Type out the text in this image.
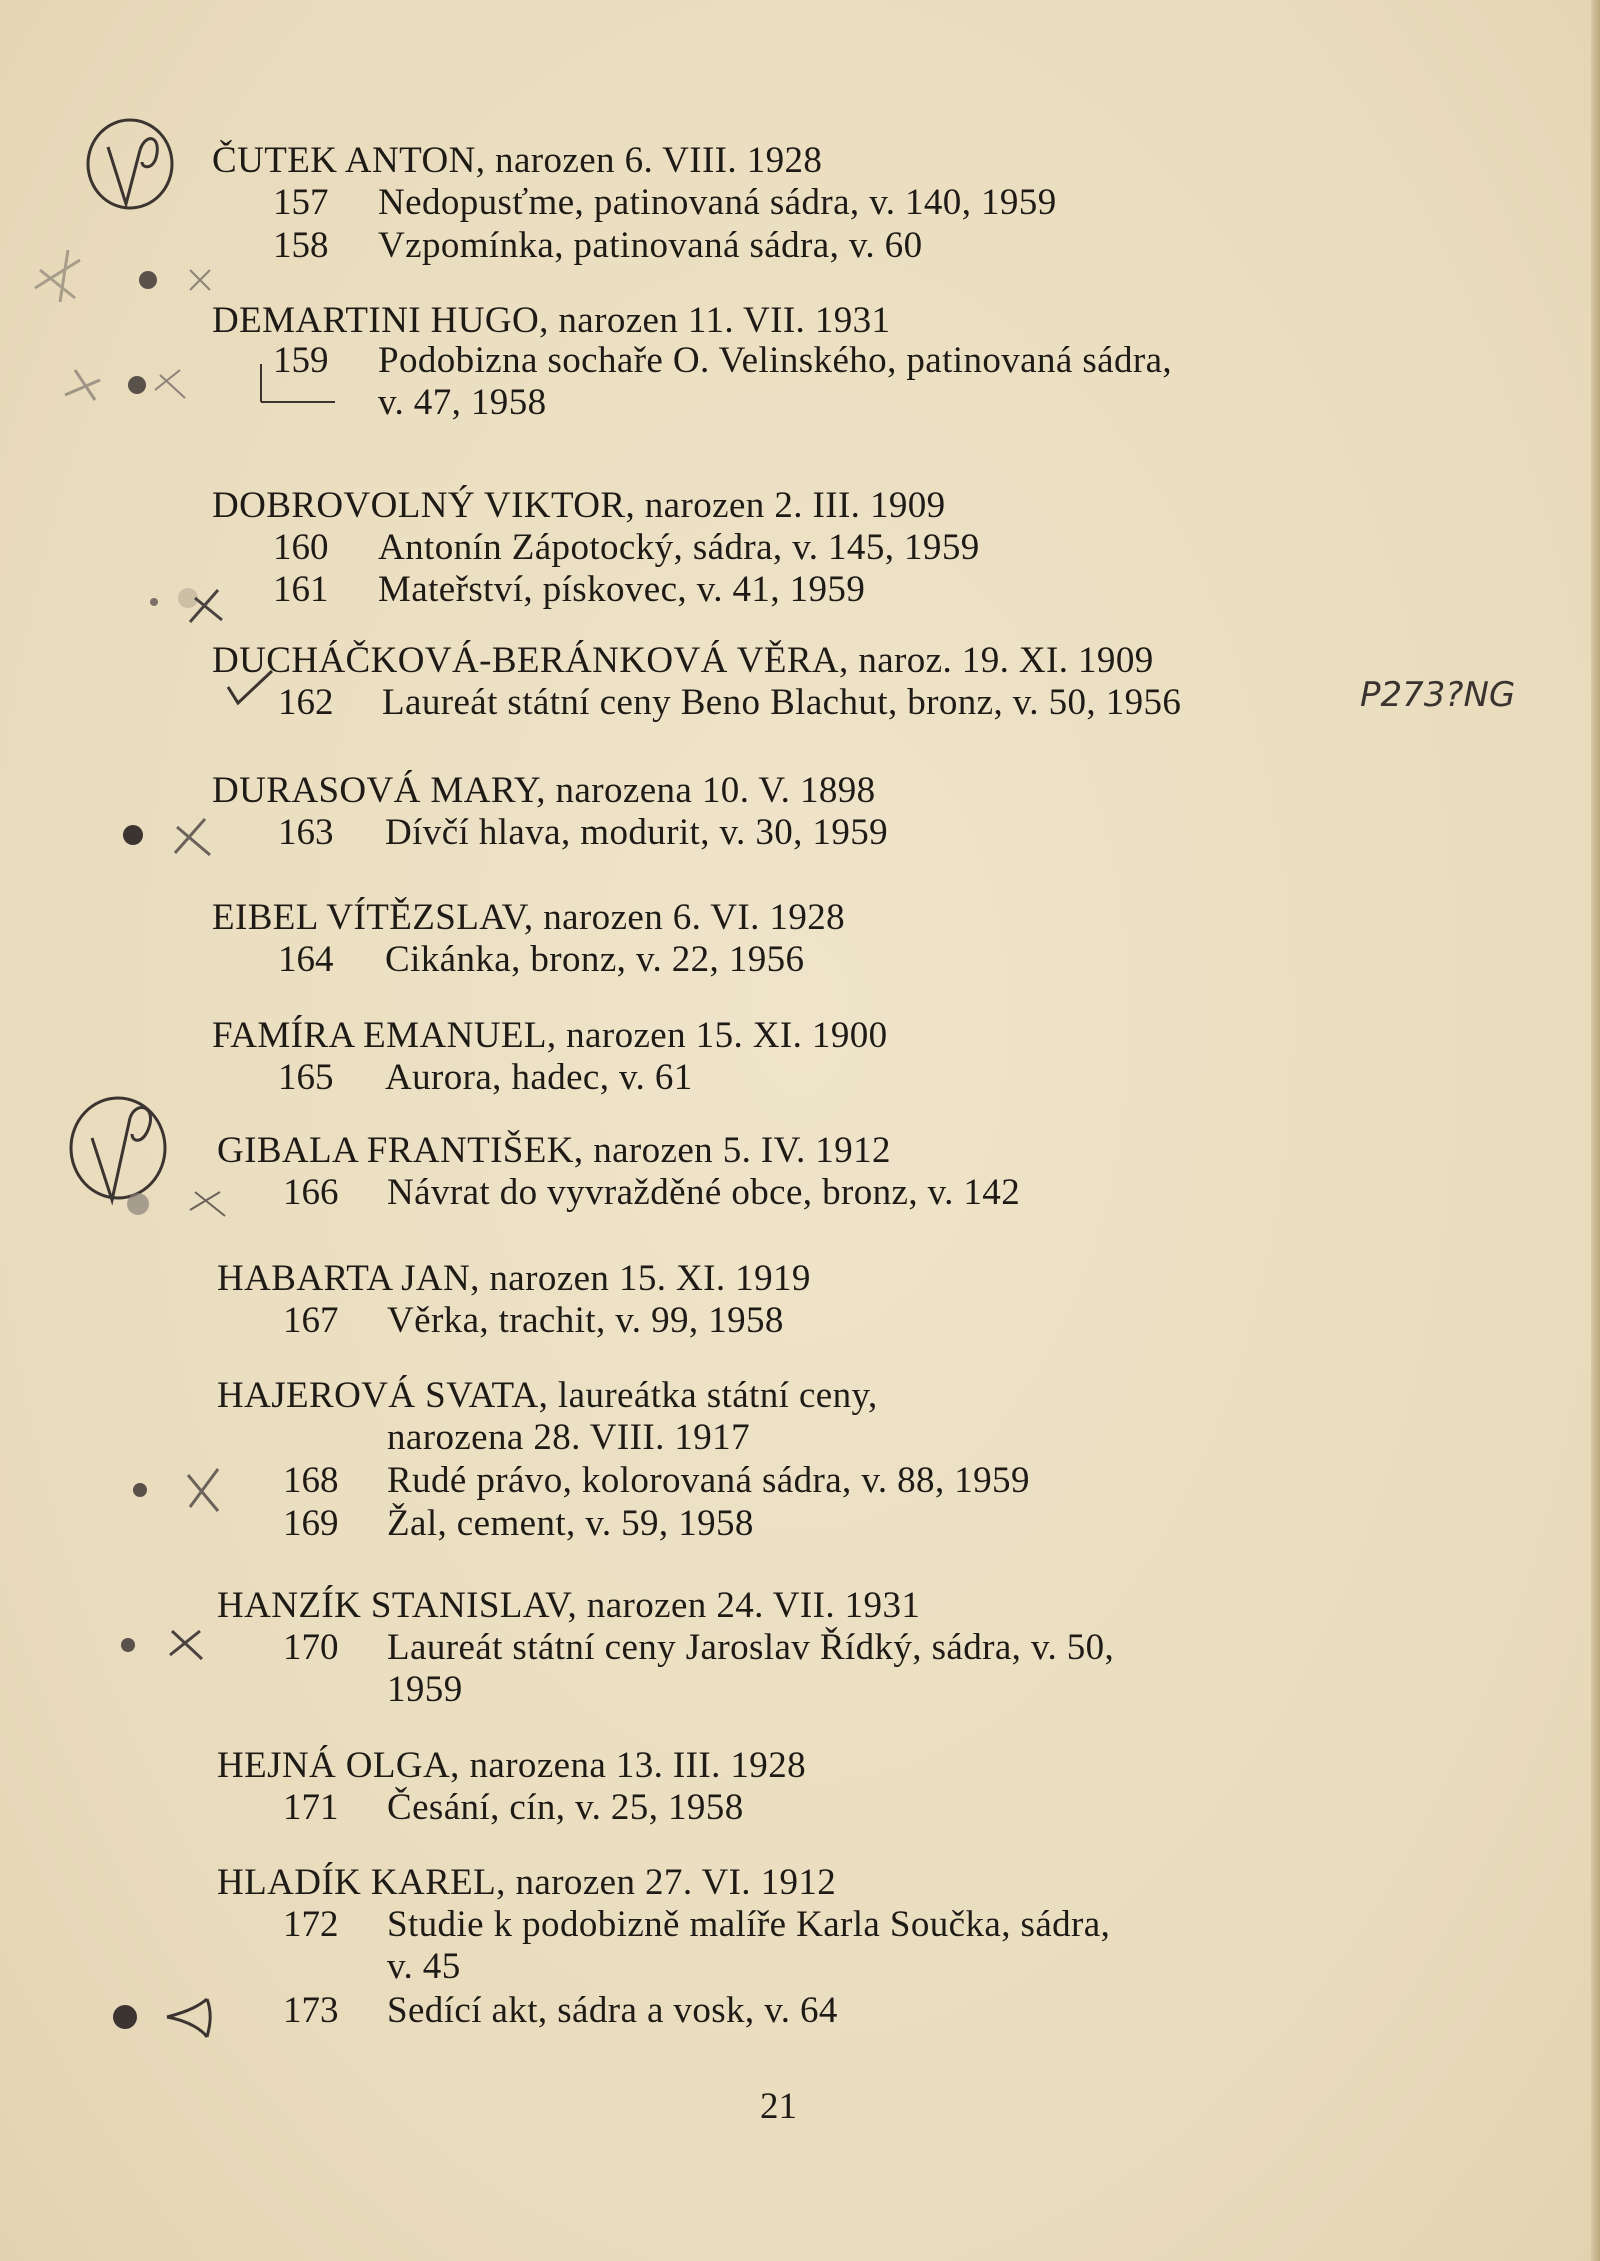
ČUTEK ANTON, narozen 6. VIII. 1928
157 Nedopusťme, patinovaná sádra, v. 140, 1959
158 Vzpomínka, patinovaná sádra, v. 60
DEMARTINI HUGO, narozen 11. VII. 1931
159 Podobizna sochaře O. Velinského, patinovaná sádra,
v. 47, 1958
DOBROVOLNÝ VIKTOR, narozen 2. III. 1909
160 Antonín Zápotocký, sádra, v. 145, 1959
161 Mateřství, pískovec, v. 41, 1959
DUCHÁČKOVÁ-BERÁNKOVÁ VĚRA, naroz. 19. XI. 1909
162 Laureát státní ceny Beno Blachut, bronz, v. 50, 1956
DURASOVÁ MARY, narozena 10. V. 1898
163 Dívčí hlava, modurit, v. 30, 1959
EIBEL VÍTĚZSLAV, narozen 6. VI. 1928
164 Cikánka, bronz, v. 22, 1956
FAMÍRA EMANUEL, narozen 15. XI. 1900
165 Aurora, hadec, v. 61
GIBALA FRANTIŠEK, narozen 5. IV. 1912
166 Návrat do vyvražděné obce, bronz, v. 142
HABARTA JAN, narozen 15. XI. 1919
167 Věrka, trachit, v. 99, 1958
HAJEROVÁ SVATA, laureátka státní ceny,
narozena 28. VIII. 1917
168 Rudé právo, kolorovaná sádra, v. 88, 1959
169 Žal, cement, v. 59, 1958
HANZÍK STANISLAV, narozen 24. VII. 1931
170 Laureát státní ceny Jaroslav Řídký, sádra, v. 50,
1959
HEJNÁ OLGA, narozena 13. III. 1928
171 Česání, cín, v. 25, 1958
HLADÍK KAREL, narozen 27. VI. 1912
172 Studie k podobizně malíře Karla Součka, sádra,
v. 45
173 Sedící akt, sádra a vosk, v. 64
P273?NG
21
